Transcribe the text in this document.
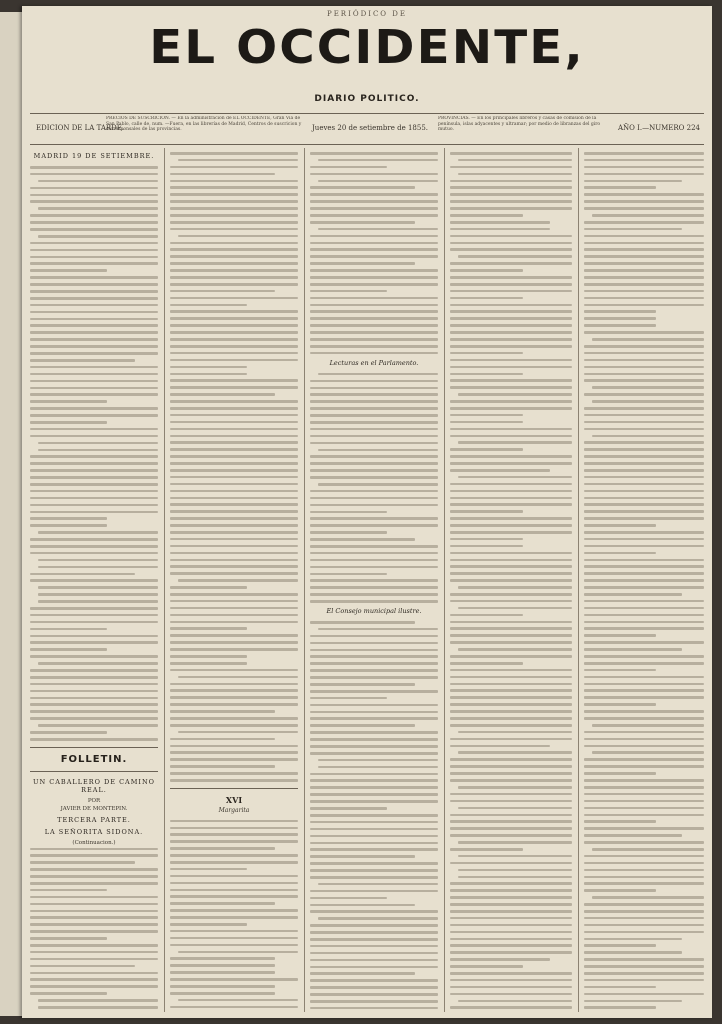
PERIÓDICO DE
EL OCCIDENTE,
DIARIO POLITICO.
EDICION DE LA TARDE.
PRECIOS DE SUSCRICION. — En la administracion de EL OCCIDENTE, Gran Via de San Pablo, calle de, num. —Fuera, en las librerías de Madrid, Centros de suscricion y corresponsales de las provincias.	Jueves 20 de setiembre de 1855.
PROVINCIAS. — En los principales libreros y casas de comision de la península, islas adyacentes y ultramar; por medio de libranzas del giro mutuo.	AÑO I.—NUMERO 224
MADRID 19 DE SETIEMBRE.
FOLLETIN.
UN CABALLERO DE CAMINO REAL.
POR
JAVIER DE MONTEPIN.
TERCERA PARTE.
LA SEÑORITA SIDONA.
(Continuacion.)
XVI
Margarita
Lecturas en el Parlamento.
El Consejo municipal ilustre.
